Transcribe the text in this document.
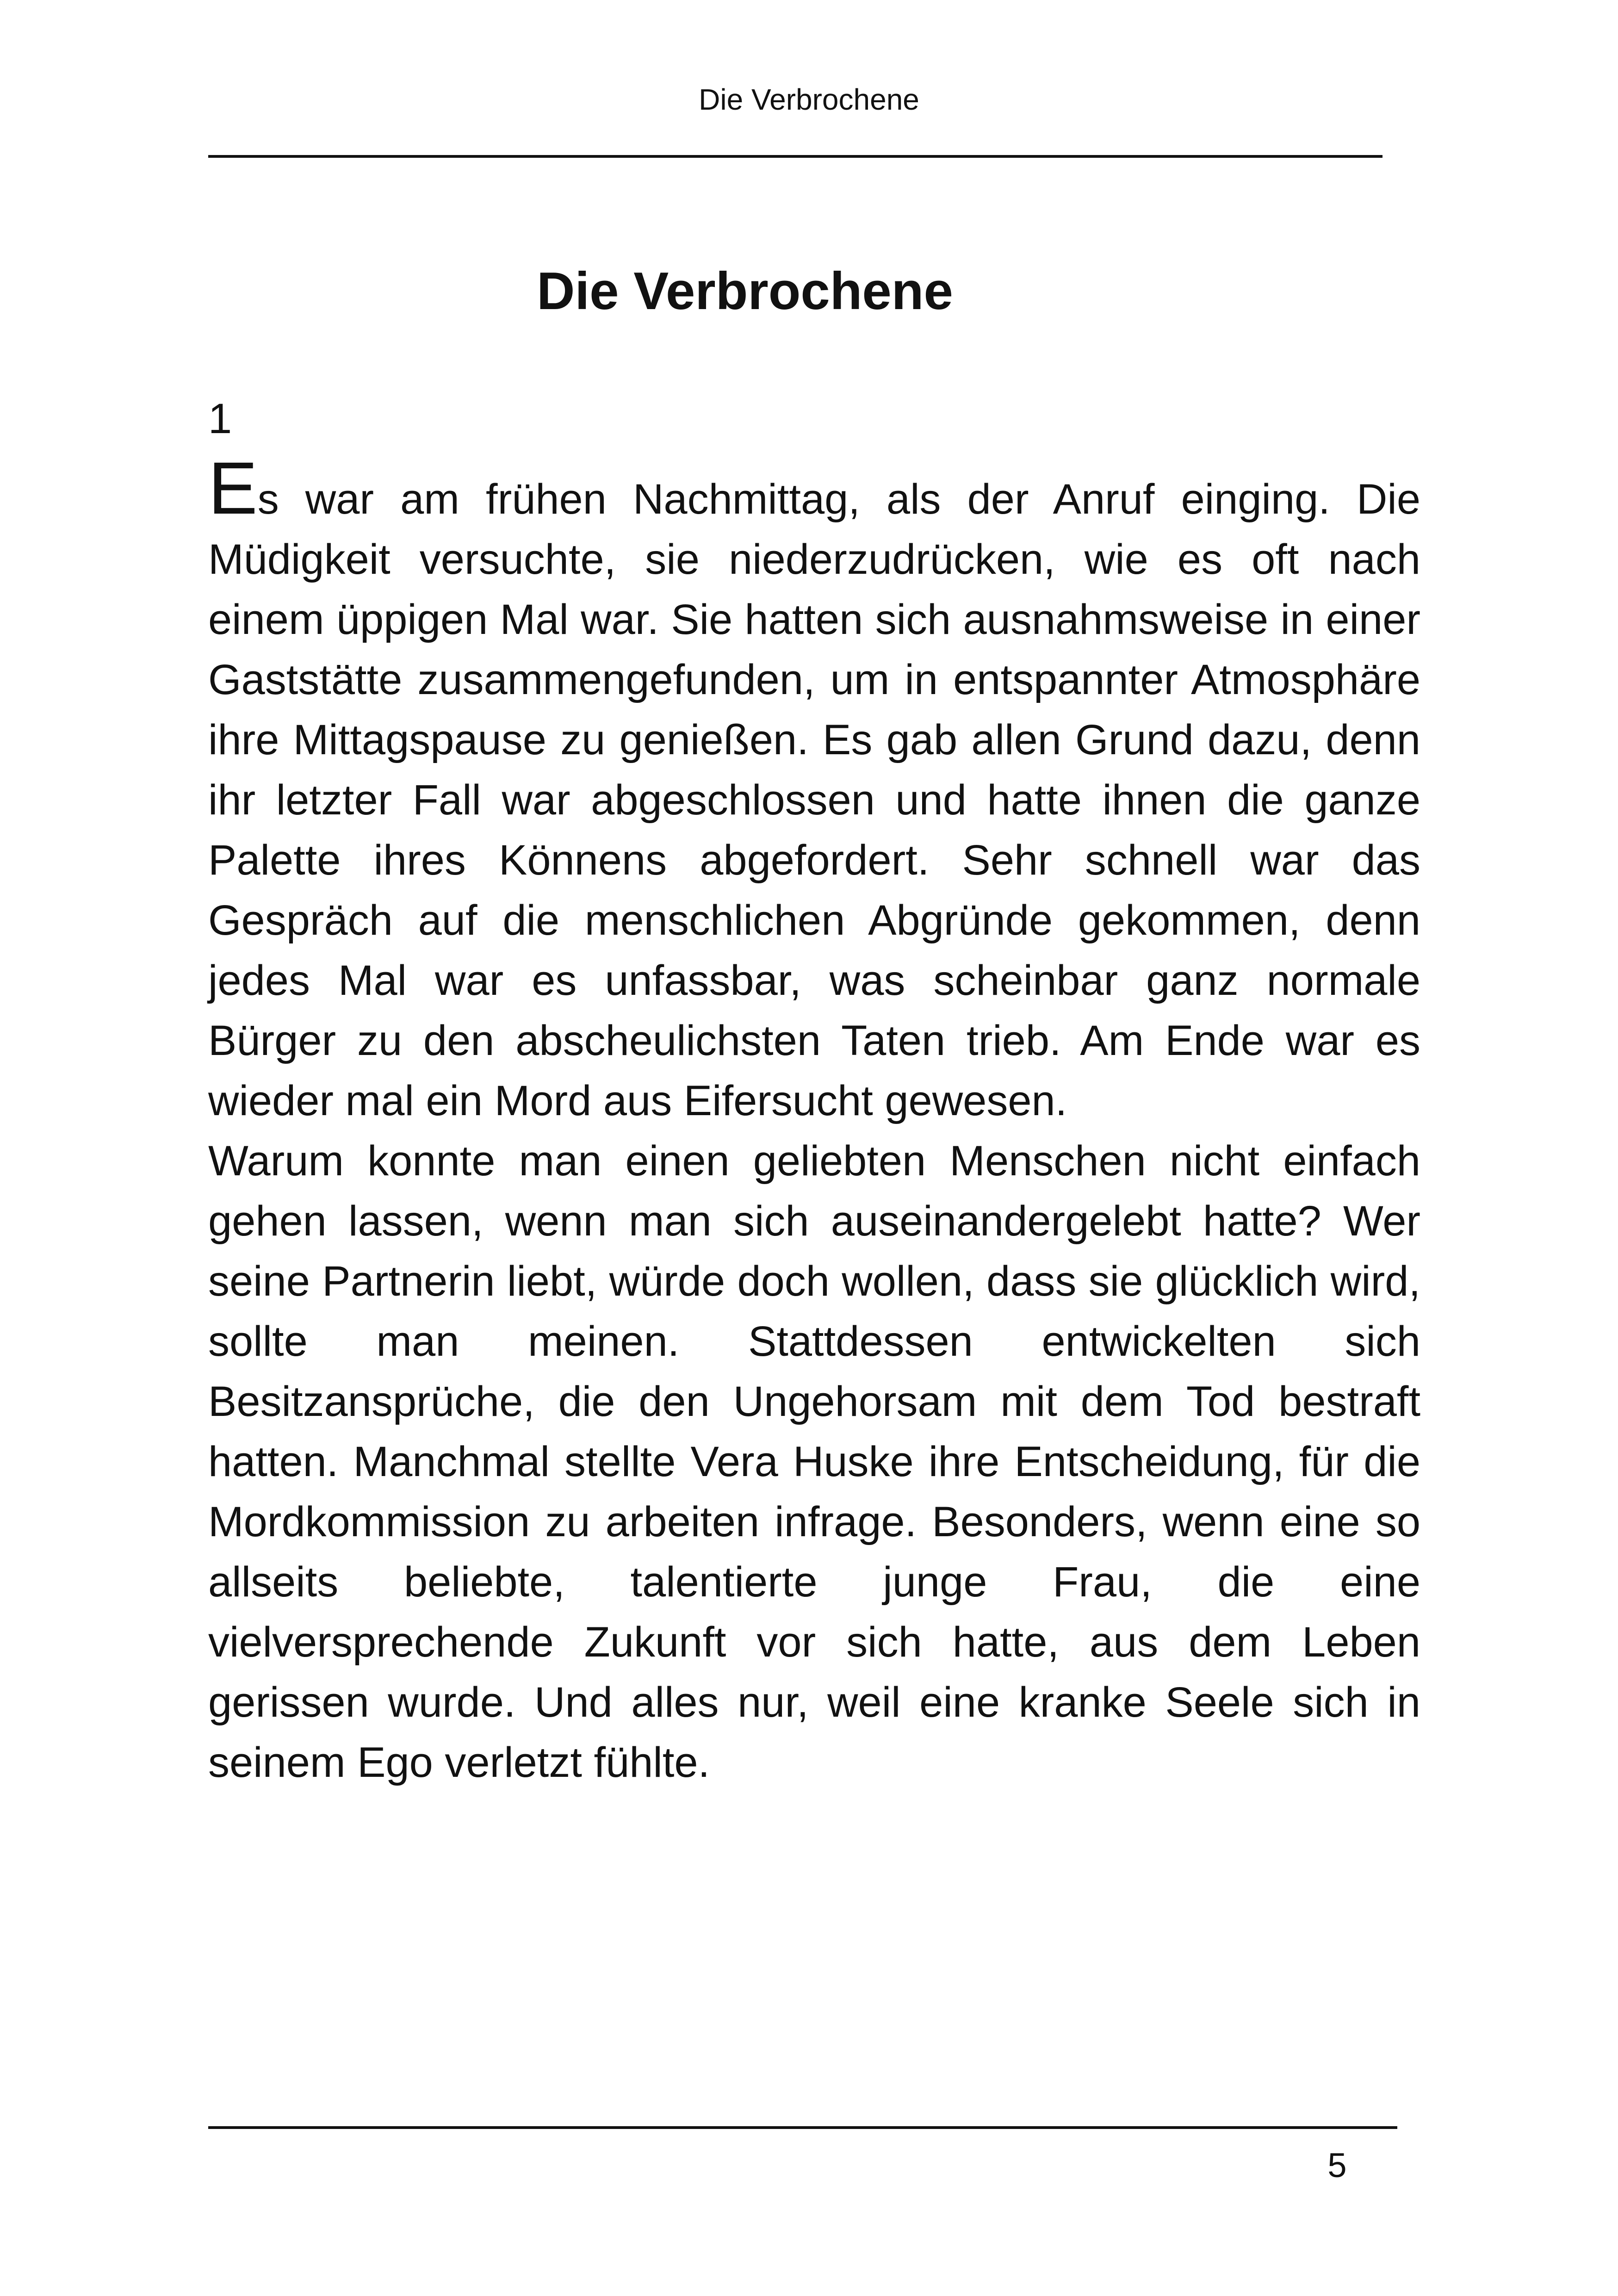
Die Verbrochene
Die Verbrochene
1

Es war am frühen Nachmittag, als der Anruf einging. Die Müdigkeit versuchte, sie niederzudrücken, wie es oft nach einem üppigen Mal war. Sie hatten sich ausnahmsweise in einer Gaststätte zusammengefunden, um in entspannter Atmosphäre ihre Mittagspause zu genießen. Es gab allen Grund dazu, denn ihr letzter Fall war abgeschlossen und hatte ihnen die ganze Palette ihres Könnens abgefordert. Sehr schnell war das Gespräch auf die menschlichen Abgründe gekommen, denn jedes Mal war es unfassbar, was scheinbar ganz normale Bürger zu den abscheulichsten Taten trieb. Am Ende war es wieder mal ein Mord aus Eifersucht gewesen.

Warum konnte man einen geliebten Menschen nicht einfach gehen lassen, wenn man sich auseinandergelebt hatte? Wer seine Partnerin liebt, würde doch wollen, dass sie glücklich wird, sollte man meinen. Stattdessen entwickelten sich Besitzansprüche, die den Ungehorsam mit dem Tod bestraft hatten. Manchmal stellte Vera Huske ihre Entscheidung, für die Mordkommission zu arbeiten infrage. Besonders, wenn eine so allseits beliebte, talentierte junge Frau, die eine vielversprechende Zukunft vor sich hatte, aus dem Leben gerissen wurde. Und alles nur, weil eine kranke Seele sich in seinem Ego verletzt fühlte.

5
